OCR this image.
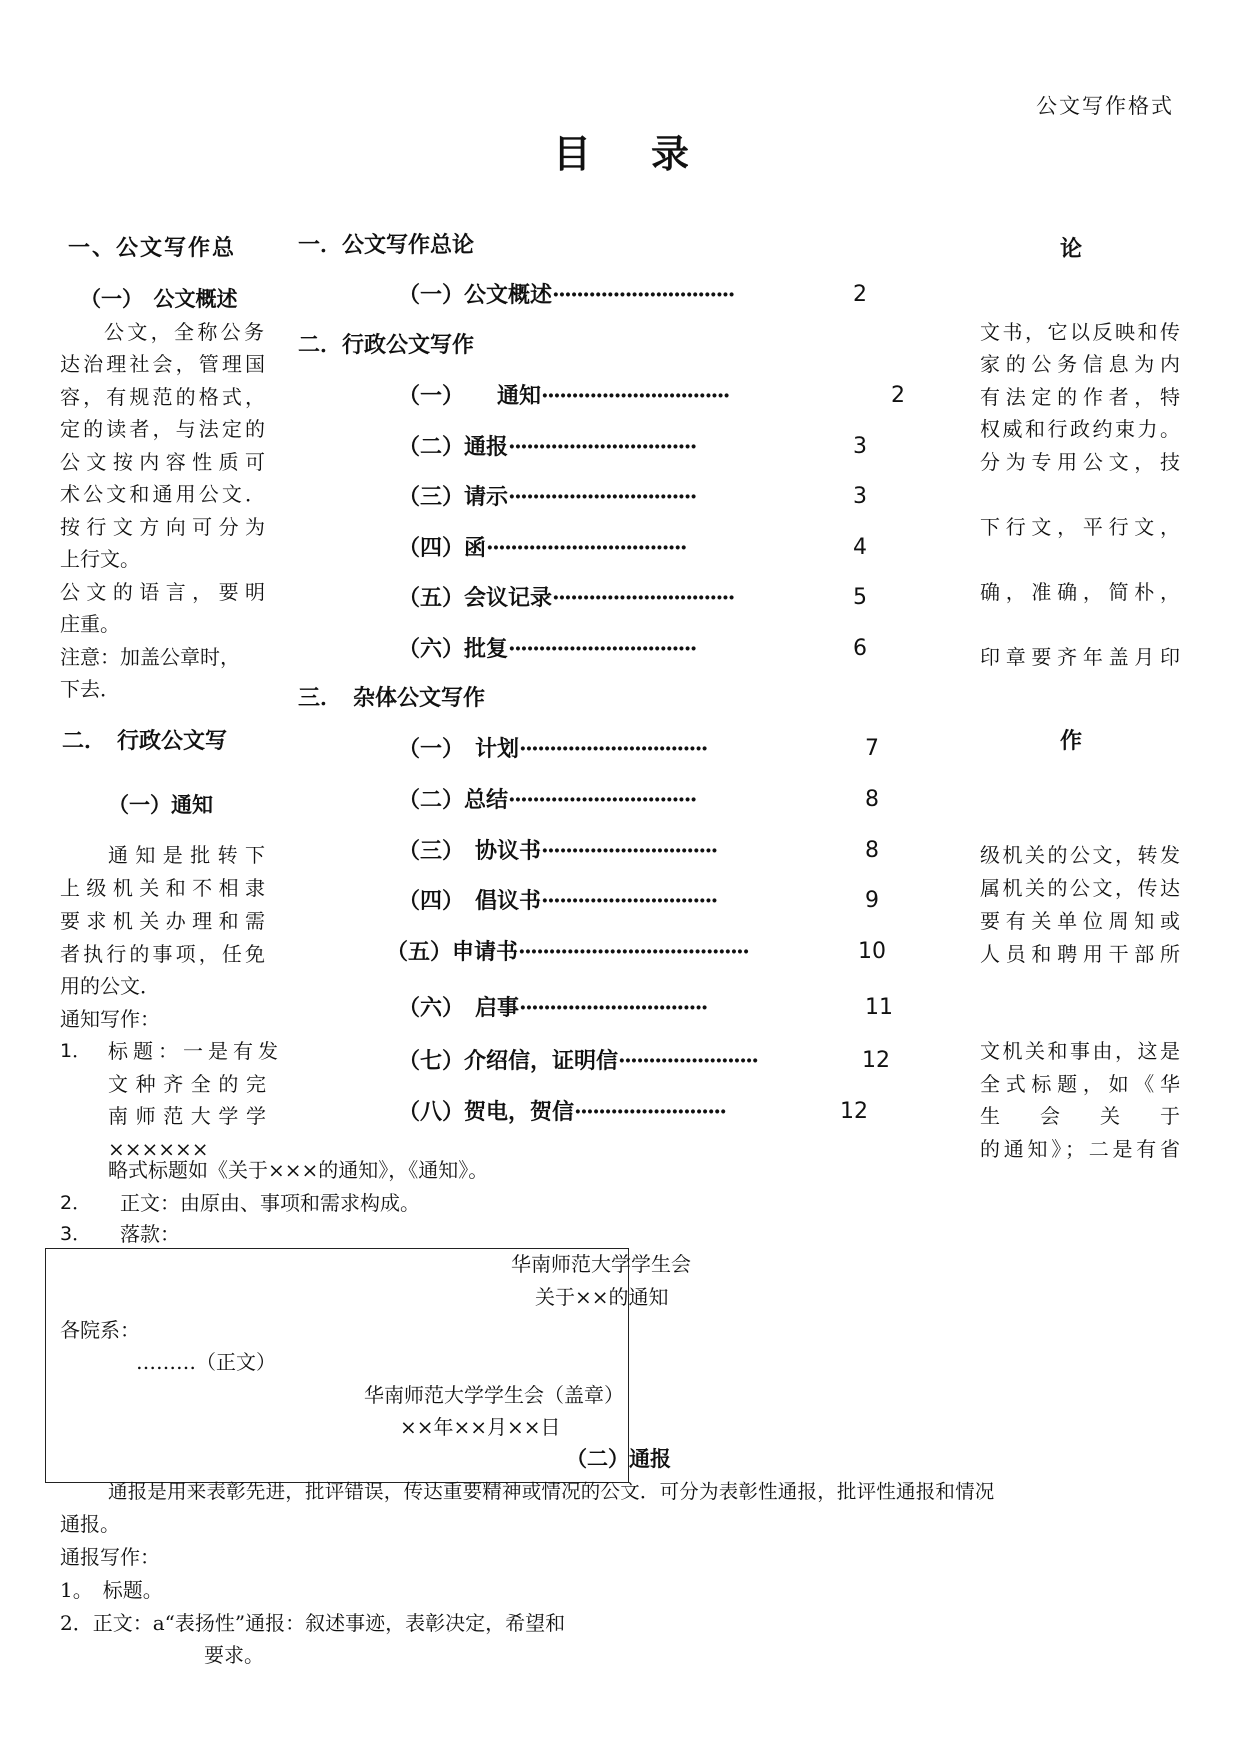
公文写作格式
目 录
一、公文写作总
（一）　公文概述
公文，全称公务
达治理社会，管理国
容，有规范的格式，
定的读者，与法定的
公文按内容性质可
术公文和通用公文．
按行文方向可分为
上行文。
公文的语言，要明
庄重。
注意：加盖公章时，
下去．
二．　行政公文写
（一）通知
通知是批转下
上级机关和不相隶
要求机关办理和需
者执行的事项，任免
用的公文．
通知写作：
1． 标题：一是有发
文种齐全的完
南师范大学学
××××××
一．公文写作总论
（一）公文概述······························	2
二．行政公文写作
（一）　　通知·······························	2
（二）通报·······························	3
（三）请示·······························	3
（四）函·································	4
（五）会议记录······························	5
（六）批复·······························	6
三．　杂体公文写作
（一）　计划·······························	7
（二）总结·······························	8
（三）　协议书·····························	8
（四）　倡议书·····························	9
（五）申请书······································	10
（六）　启事·······························	11
（七）介绍信，证明信·······················	12
（八）贺电，贺信·························	12
论
文书，它以反映和传
家的公务信息为内
有法定的作者，特
权威和行政约束力。
分为专用公文，技
下行文，平行文，
确，准确，简朴，
印章要齐年盖月印
作
级机关的公文，转发
属机关的公文，传达
要有关单位周知或
人员和聘用干部所
文机关和事由，这是
全式标题，如《华
生　会　关　于
的通知》；二是有省
略式标题如《关于×××的通知》，《通知》。
2． 正文：由原由、事项和需求构成。
3． 落款：
华南师范大学学生会
关于××的通知
各院系：
………（正文）
华南师范大学学生会（盖章）
××年××月××日
（二）通报
通报是用来表彰先进，批评错误，传达重要精神或情况的公文．可分为表彰性通报，批评性通报和情况
通报。
通报写作：
1。　标题。
2．正文：a“表扬性”通报：叙述事迹，表彰决定，希望和
要求。
